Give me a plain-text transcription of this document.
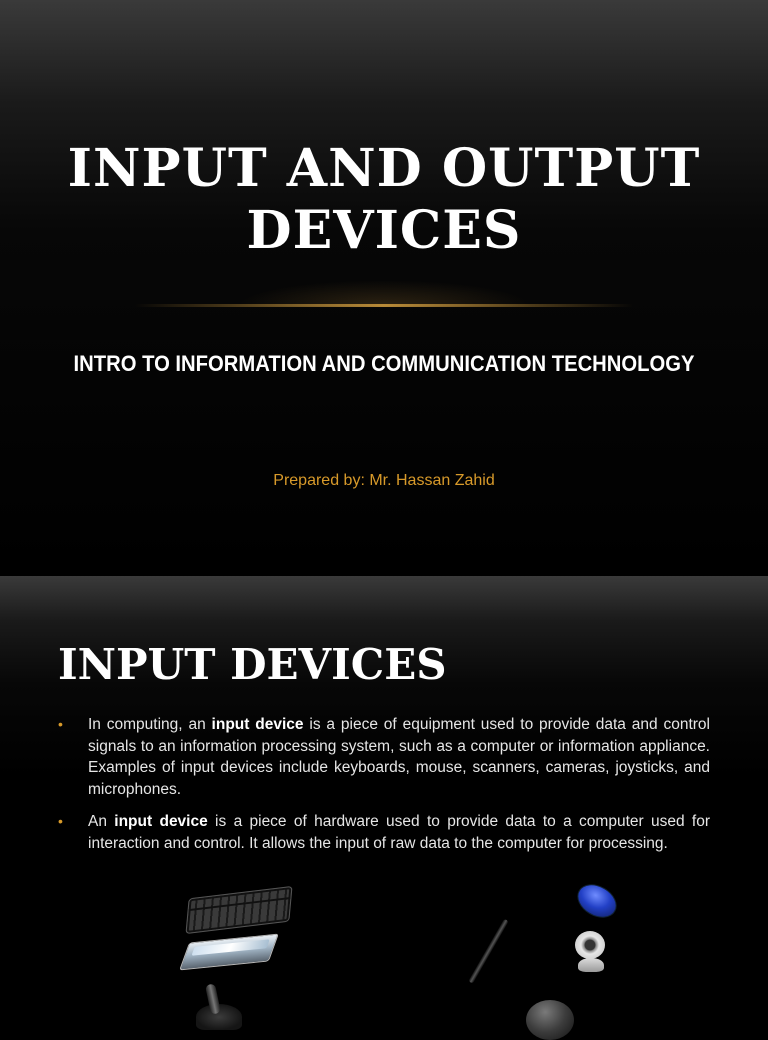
INPUT AND OUTPUT
DEVICES
INTRO TO INFORMATION AND COMMUNICATION TECHNOLOGY
Prepared by: Mr. Hassan Zahid
INPUT DEVICES
• In computing, an input device is a piece of equipment used to provide data and control signals to an information processing system, such as a computer or information appliance. Examples of input devices include keyboards, mouse, scanners, cameras, joysticks, and microphones.
• An input device is a piece of hardware used to provide data to a computer used for interaction and control. It allows the input of raw data to the computer for processing.
